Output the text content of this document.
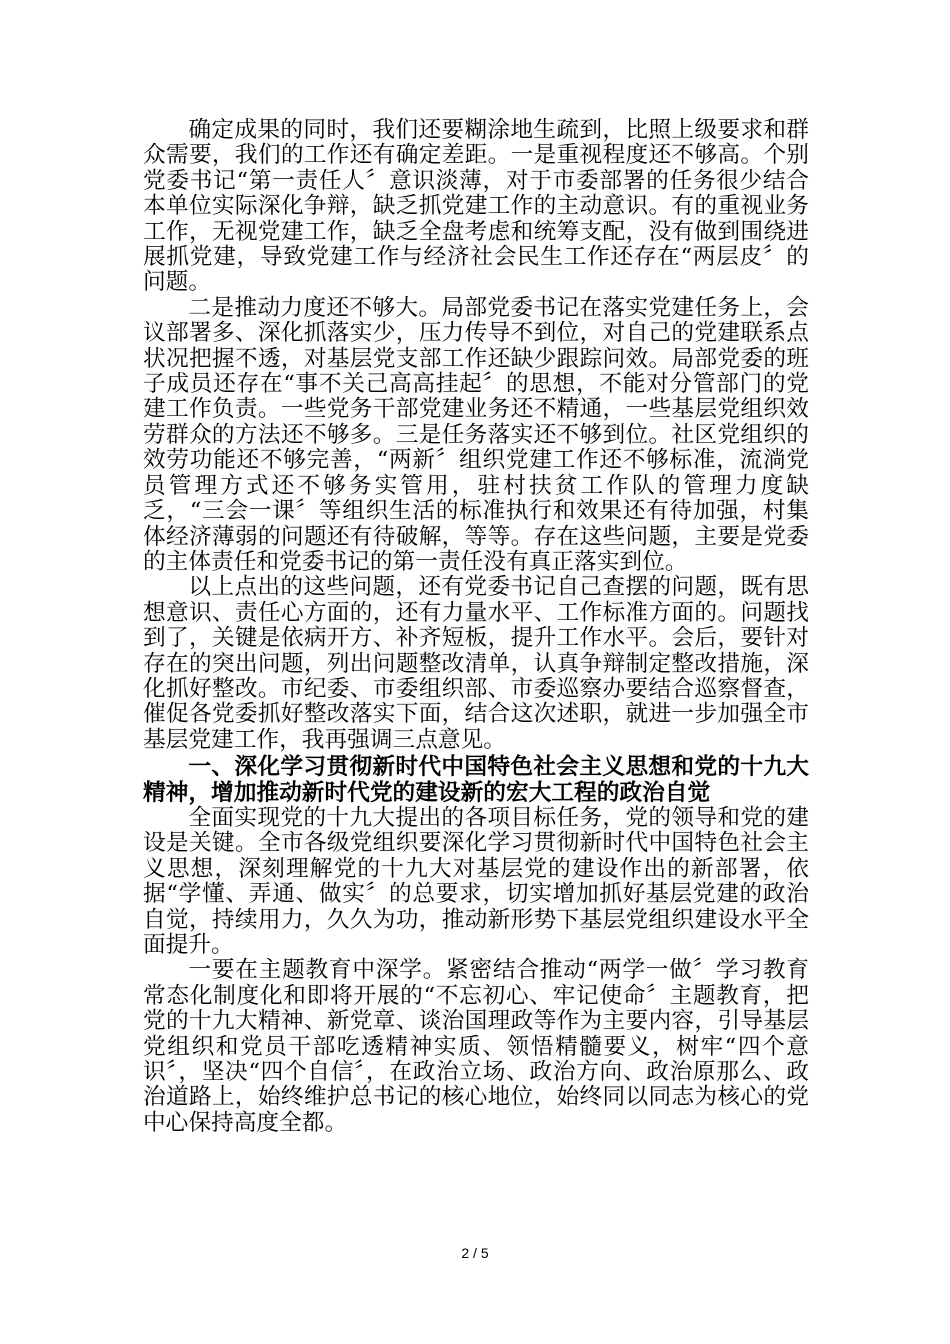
确定成果的同时，我们还要糊涂地生疏到，比照上级要求和群众需要，我们的工作还有确定差距。一是重视程度还不够高。个别党委书记“第一责任人〞意识淡薄，对于市委部署的任务很少结合本单位实际深化争辩，缺乏抓党建工作的主动意识。有的重视业务工作，无视党建工作，缺乏全盘考虑和统筹支配，没有做到围绕进展抓党建，导致党建工作与经济社会民生工作还存在“两层皮〞的问题。

二是推动力度还不够大。局部党委书记在落实党建任务上，会议部署多、深化抓落实少，压力传导不到位，对自己的党建联系点状况把握不透，对基层党支部工作还缺少跟踪问效。局部党委的班子成员还存在“事不关己高高挂起〞的思想，不能对分管部门的党建工作负责。一些党务干部党建业务还不精通，一些基层党组织效劳群众的方法还不够多。三是任务落实还不够到位。社区党组织的效劳功能还不够完善，“两新〞组织党建工作还不够标准，流淌党员管理方式还不够务实管用，驻村扶贫工作队的管理力度缺乏，“三会一课〞等组织生活的标准执行和效果还有待加强，村集体经济薄弱的问题还有待破解，等等。存在这些问题，主要是党委的主体责任和党委书记的第一责任没有真正落实到位。

以上点出的这些问题，还有党委书记自己查摆的问题，既有思想意识、责任心方面的，还有力量水平、工作标准方面的。问题找到了，关键是依病开方、补齐短板，提升工作水平。会后，要针对存在的突出问题，列出问题整改清单，认真争辩制定整改措施，深化抓好整改。市纪委、市委组织部、市委巡察办要结合巡察督查，催促各党委抓好整改落实下面，结合这次述职，就进一步加强全市基层党建工作，我再强调三点意见。

一、深化学习贯彻新时代中国特色社会主义思想和党的十九大精神，增加推动新时代党的建设新的宏大工程的政治自觉

全面实现党的十九大提出的各项目标任务，党的领导和党的建设是关键。全市各级党组织要深化学习贯彻新时代中国特色社会主义思想，深刻理解党的十九大对基层党的建设作出的新部署，依据“学懂、弄通、做实〞的总要求，切实增加抓好基层党建的政治自觉，持续用力，久久为功，推动新形势下基层党组织建设水平全面提升。

一要在主题教育中深学。紧密结合推动“两学一做〞学习教育常态化制度化和即将开展的“不忘初心、牢记使命〞主题教育，把党的十九大精神、新党章、谈治国理政等作为主要内容，引导基层党组织和党员干部吃透精神实质、领悟精髓要义，树牢“四个意识〞，坚决“四个自信〞，在政治立场、政治方向、政治原那么、政治道路上，始终维护总书记的核心地位，始终同以同志为核心的党中心保持高度全都。

2 / 5
